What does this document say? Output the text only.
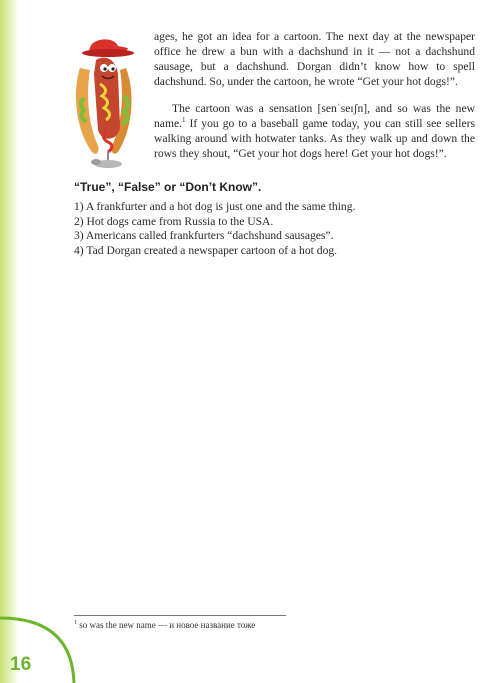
ages, he got an idea for a cartoon. The next day at the newspaper office he drew a bun with a dachshund in it — not a dachshund sausage, but a dachshund. Dorgan didn’t know how to spell dachshund. So, under the cartoon, he wrote “Get your hot dogs!”.

The cartoon was a sensation [senˈseɪʃn], and so was the new name.$^1$ If you go to a baseball game today, you can still see sellers walking around with hotwater tanks. As they walk up and down the rows they shout, “Get your hot dogs here! Get your hot dogs!”.

“True”, “False” or “Don’t Know”.
1) A frankfurter and a hot dog is just one and the same thing.
2) Hot dogs came from Russia to the USA.
3) Americans called frankfurters “dachshund sausages”.
4) Tad Dorgan created a newspaper cartoon of a hot dog.
$^1$ so was the new name — и новое название тоже
16
